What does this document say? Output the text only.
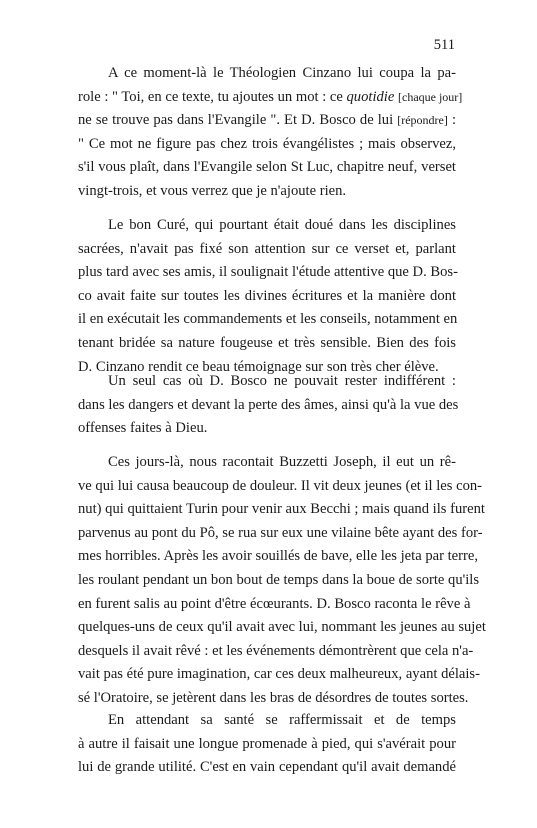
511
A ce moment-là le Théologien Cinzano lui coupa la pa-
role : " Toi, en ce texte, tu ajoutes un mot : ce quotidie [chaque jour]
ne se trouve pas dans l'Evangile ". Et D. Bosco de lui [répondre] :
" Ce mot ne figure pas chez trois évangélistes ; mais observez,
s'il vous plaît, dans l'Evangile selon St Luc, chapitre neuf, verset
vingt-trois, et vous verrez que je n'ajoute rien.
Le bon Curé, qui pourtant était doué dans les disciplines
sacrées, n'avait pas fixé son attention sur ce verset et, parlant
plus tard avec ses amis, il soulignait l'étude attentive que D. Bos-
co avait faite sur toutes les divines écritures et la manière dont
il en exécutait les commandements et les conseils, notamment en
tenant bridée sa nature fougeuse et très sensible. Bien des fois
D. Cinzano rendit ce beau témoignage sur son très cher élève.
Un seul cas où D. Bosco ne pouvait rester indifférent :
dans les dangers et devant la perte des âmes, ainsi qu'à la vue des
offenses faites à Dieu.
Ces jours-là, nous racontait Buzzetti Joseph, il eut un rê-
ve qui lui causa beaucoup de douleur. Il vit deux jeunes (et il les con-
nut) qui quittaient Turin pour venir aux Becchi ; mais quand ils furent
parvenus au pont du Pô, se rua sur eux une vilaine bête ayant des for-
mes horribles. Après les avoir souillés de bave, elle les jeta par terre,
les roulant pendant un bon bout de temps dans la boue de sorte qu'ils
en furent salis au point d'être écœurants. D. Bosco raconta le rêve à
quelques-uns de ceux qu'il avait avec lui, nommant les jeunes au sujet
desquels il avait rêvé : et les événements démontrèrent que cela n'a-
vait pas été pure imagination, car ces deux malheureux, ayant délais-
sé l'Oratoire, se jetèrent dans les bras de désordres de toutes sortes.
En attendant sa santé se raffermissait et de temps
à autre il faisait une longue promenade à pied, qui s'avérait pour
lui de grande utilité. C'est en vain cependant qu'il avait demandé
